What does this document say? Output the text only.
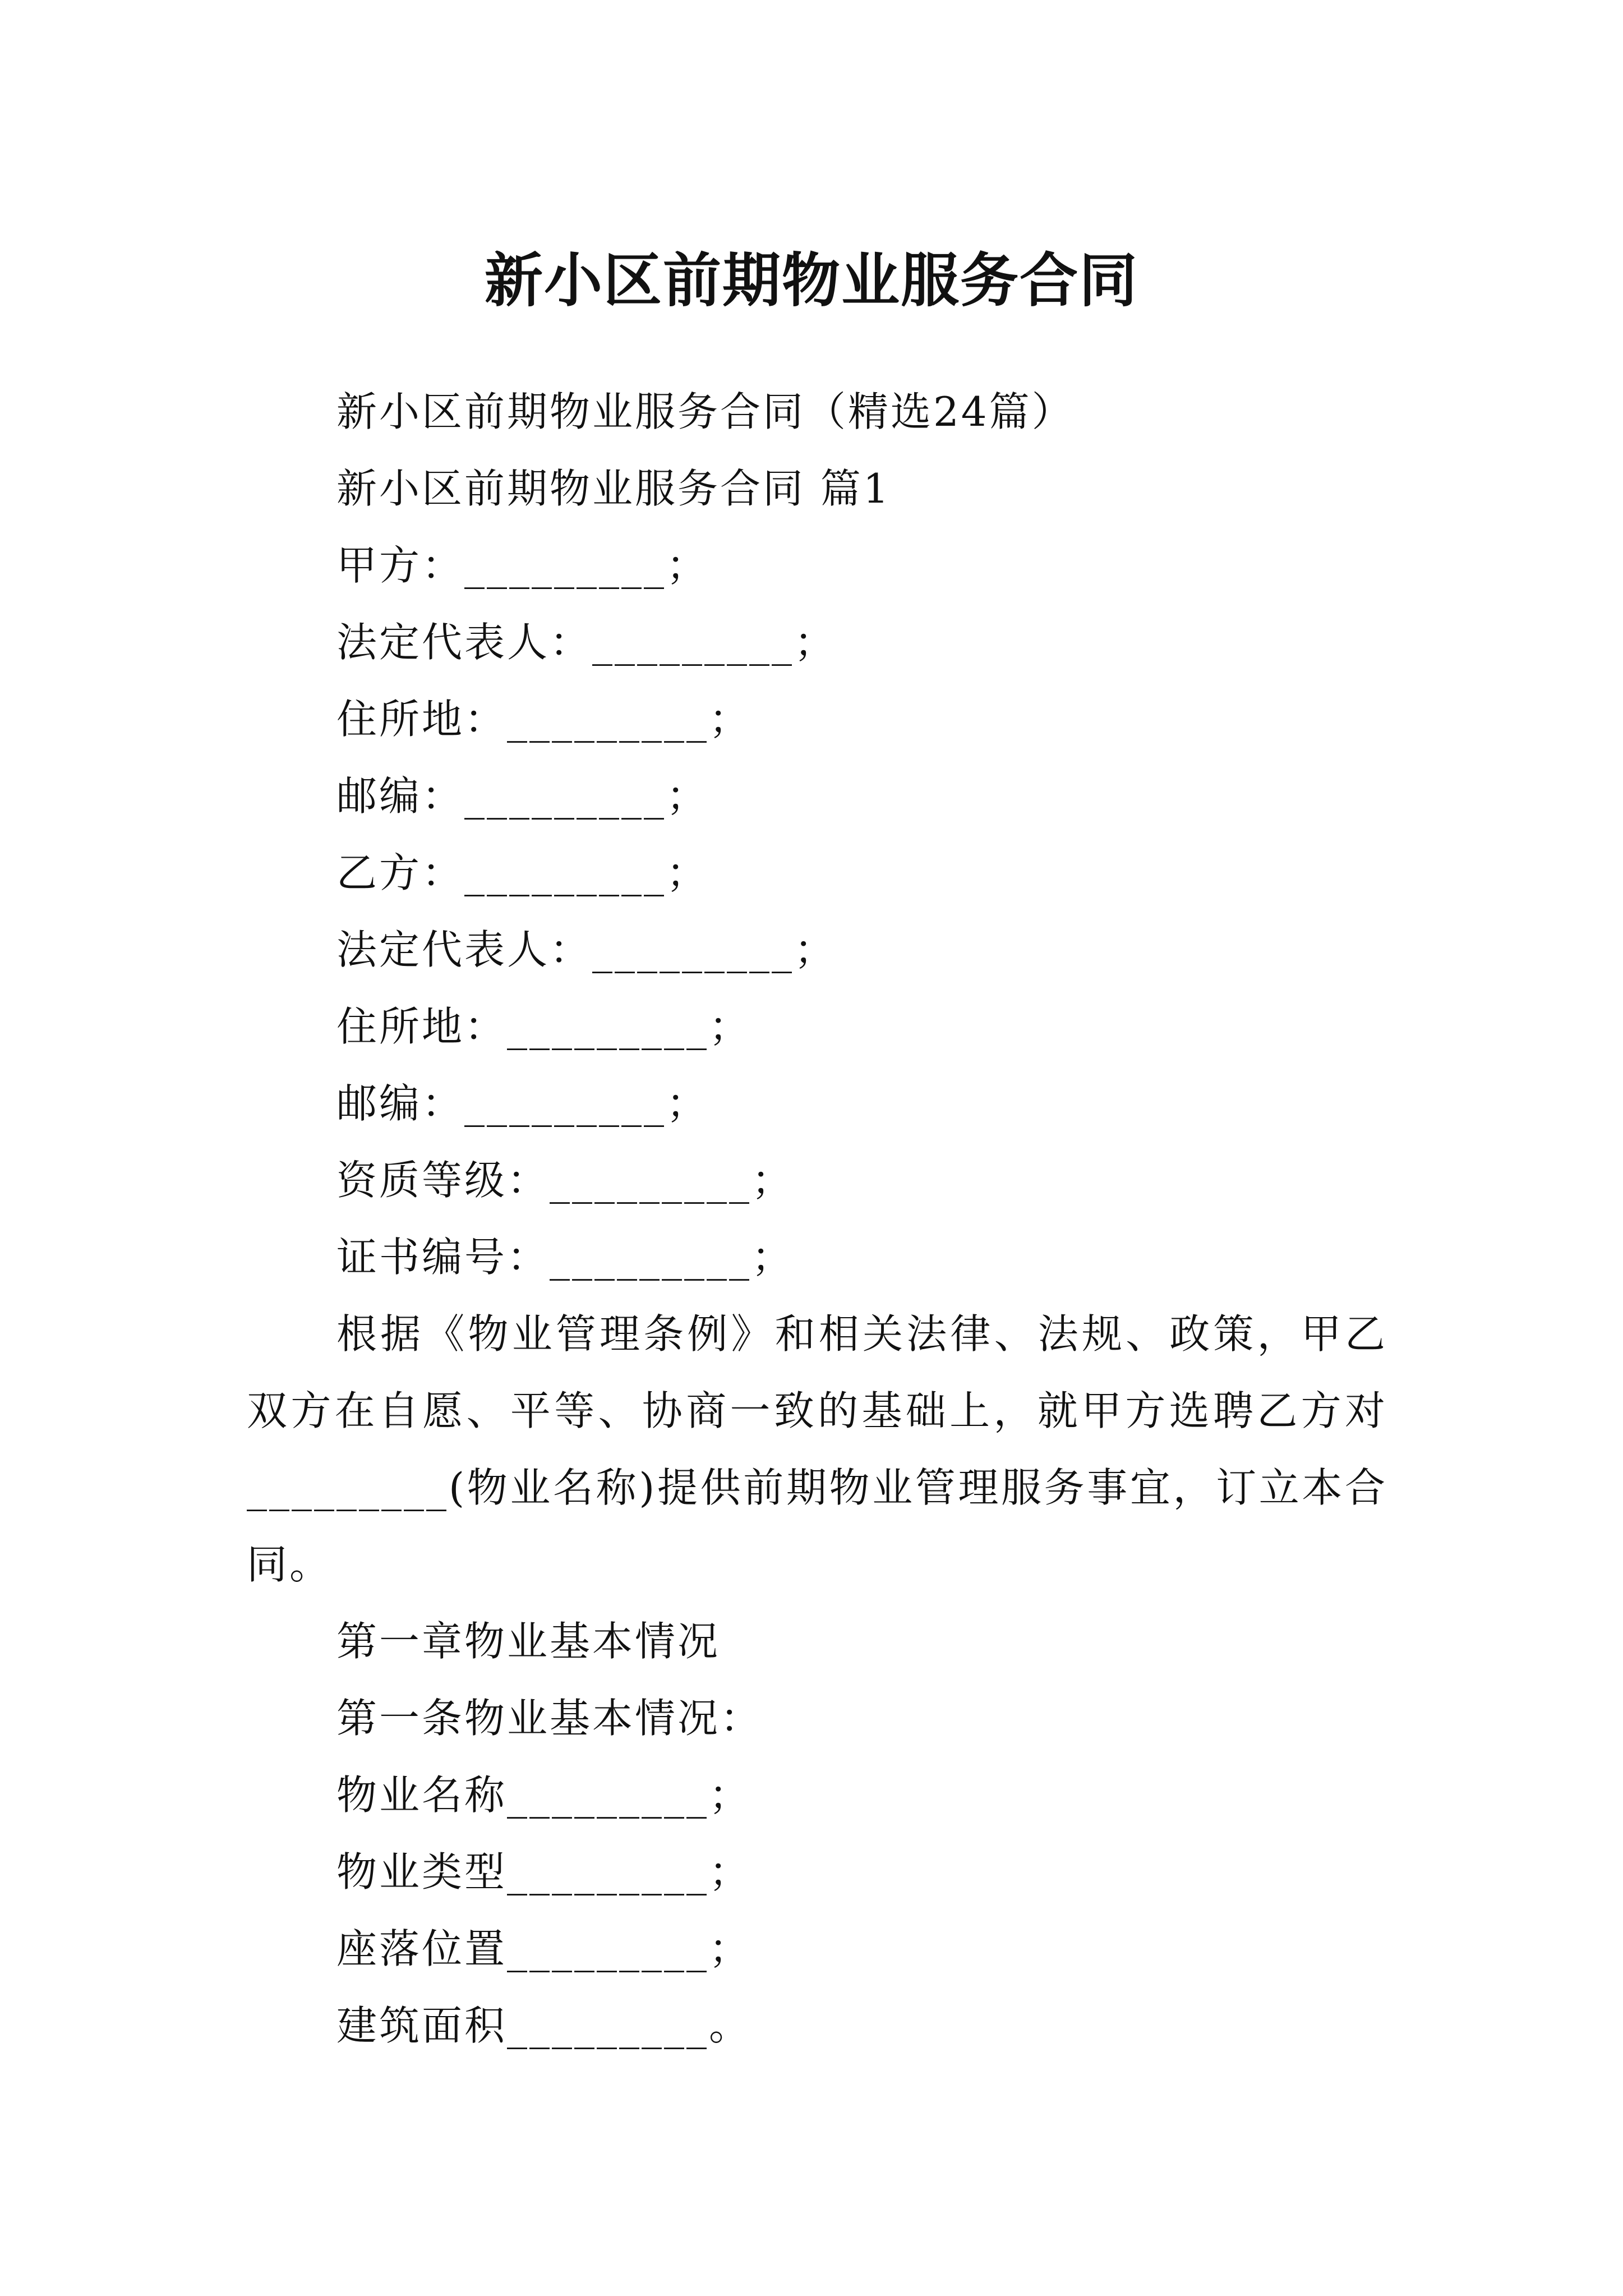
新小区前期物业服务合同

新小区前期物业服务合同（精选24篇）

新小区前期物业服务合同 篇1

甲方：_________；

法定代表人：_________；

住所地：_________；

邮编：_________；

乙方：_________；

法定代表人：_________；

住所地：_________；

邮编：_________；

资质等级：_________；

证书编号：_________；

根据《物业管理条例》和相关法律、法规、政策，甲乙双方在自愿、平等、协商一致的基础上，就甲方选聘乙方对_________(物业名称)提供前期物业管理服务事宜，订立本合同。

第一章物业基本情况

第一条物业基本情况：

物业名称_________；

物业类型_________；

座落位置_________；

建筑面积_________。
